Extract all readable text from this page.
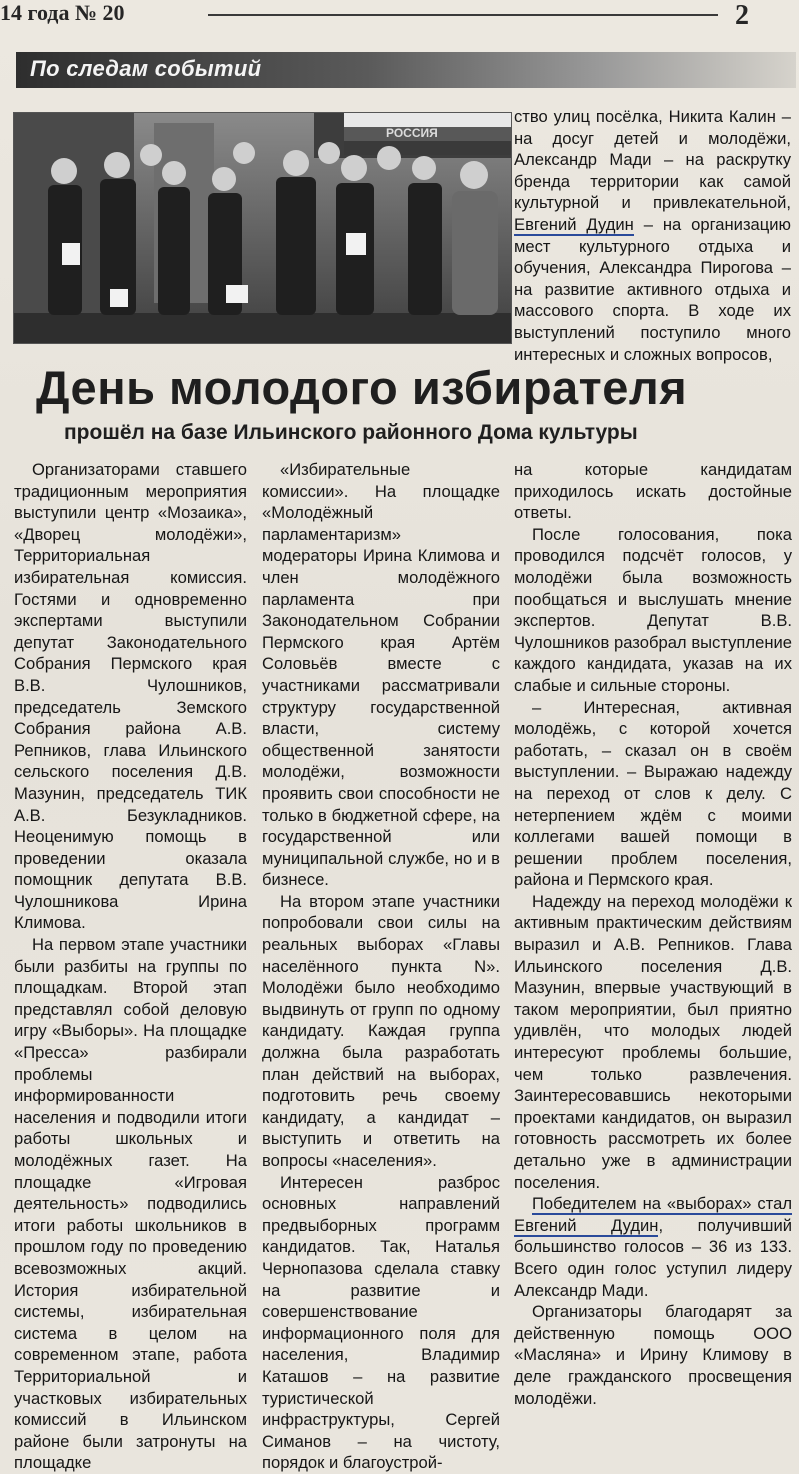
14 года № 20	2
По следам событий
РОССИЯ

ство улиц посёлка, Никита Калин – на досуг детей и молодёжи, Александр Мади – на раскрутку бренда территории как самой культурной и привлекательной, Евгений Дудин – на организацию мест культурного отдыха и обучения, Александра Пирогова – на развитие активного отдыха и массового спорта. В ходе их выступлений поступило много интересных и сложных вопросов,

День молодого избирателя
прошёл на базе Ильинского районного Дома культуры

Организаторами ставшего традиционным мероприятия выступили центр «Мозаика», «Дворец молодёжи», Территориальная избирательная комиссия. Гостями и одновременно экспертами выступили депутат Законодательного Собрания Пермского края В.В. Чулошников, председатель Земского Собрания района А.В. Репников, глава Ильинского сельского поселения Д.В. Мазунин, председатель ТИК А.В. Безукладников. Неоценимую помощь в проведении оказала помощник депутата В.В. Чулошникова Ирина Климова.

На первом этапе участники были разбиты на группы по площадкам. Второй этап представлял собой деловую игру «Выборы». На площадке «Пресса» разбирали проблемы информированности населения и подводили итоги работы школьных и молодёжных газет. На площадке «Игровая деятельность» подводились итоги работы школьников в прошлом году по проведению всевозможных акций. История избирательной системы, избирательная система в целом на современном этапе, работа Территориальной и участковых избирательных комиссий в Ильинском районе были затронуты на площадке

«Избирательные комиссии». На площадке «Молодёжный парламентаризм» модераторы Ирина Климова и член молодёжного парламента при Законодательном Собрании Пермского края Артём Соловьёв вместе с участниками рассматривали структуру государственной власти, систему общественной занятости молодёжи, возможности проявить свои способности не только в бюджетной сфере, на государственной или муниципальной службе, но и в бизнесе.

На втором этапе участники попробовали свои силы на реальных выборах «Главы населённого пункта N». Молодёжи было необходимо выдвинуть от групп по одному кандидату. Каждая группа должна была разработать план действий на выборах, подготовить речь своему кандидату, а кандидат – выступить и ответить на вопросы «населения».

Интересен разброс основных направлений предвыборных программ кандидатов. Так, Наталья Чернопазова сделала ставку на развитие и совершенствование информационного поля для населения, Владимир Каташов – на развитие туристической инфраструктуры, Сергей Симанов – на чистоту, порядок и благоустрой-

на которые кандидатам приходилось искать достойные ответы.

После голосования, пока проводился подсчёт голосов, у молодёжи была возможность пообщаться и выслушать мнение экспертов. Депутат В.В. Чулошников разобрал выступление каждого кандидата, указав на их слабые и сильные стороны.

– Интересная, активная молодёжь, с которой хочется работать, – сказал он в своём выступлении. – Выражаю надежду на переход от слов к делу. С нетерпением ждём с моими коллегами вашей помощи в решении проблем поселения, района и Пермского края.

Надежду на переход молодёжи к активным практическим действиям выразил и А.В. Репников. Глава Ильинского поселения Д.В. Мазунин, впервые участвующий в таком мероприятии, был приятно удивлён, что молодых людей интересуют проблемы большие, чем только развлечения. Заинтересовавшись некоторыми проектами кандидатов, он выразил готовность рассмотреть их более детально уже в администрации поселения.

Победителем на «выборах» стал Евгений Дудин, получивший большинство голосов – 36 из 133. Всего один голос уступил лидеру Александр Мади.

Организаторы благодарят за действенную помощь ООО «Масляна» и Ирину Климову в деле гражданского просвещения молодёжи.
